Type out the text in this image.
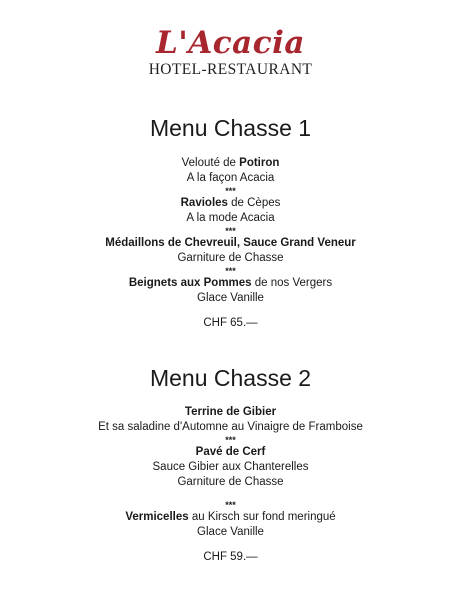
L'Acacia
HOTEL-RESTAURANT
Menu Chasse 1
Velouté de Potiron
A la façon Acacia
***
Ravioles de Cèpes
A la mode Acacia
***
Médaillons de Chevreuil, Sauce Grand Veneur
Garniture de Chasse
***
Beignets aux Pommes de nos Vergers
Glace Vanille
CHF 65.—
Menu Chasse 2
Terrine de Gibier
Et sa saladine d'Automne au Vinaigre de Framboise
***
Pavé de Cerf
Sauce Gibier aux Chanterelles
Garniture de Chasse
***
Vermicelles au Kirsch sur fond meringué
Glace Vanille
CHF 59.—
